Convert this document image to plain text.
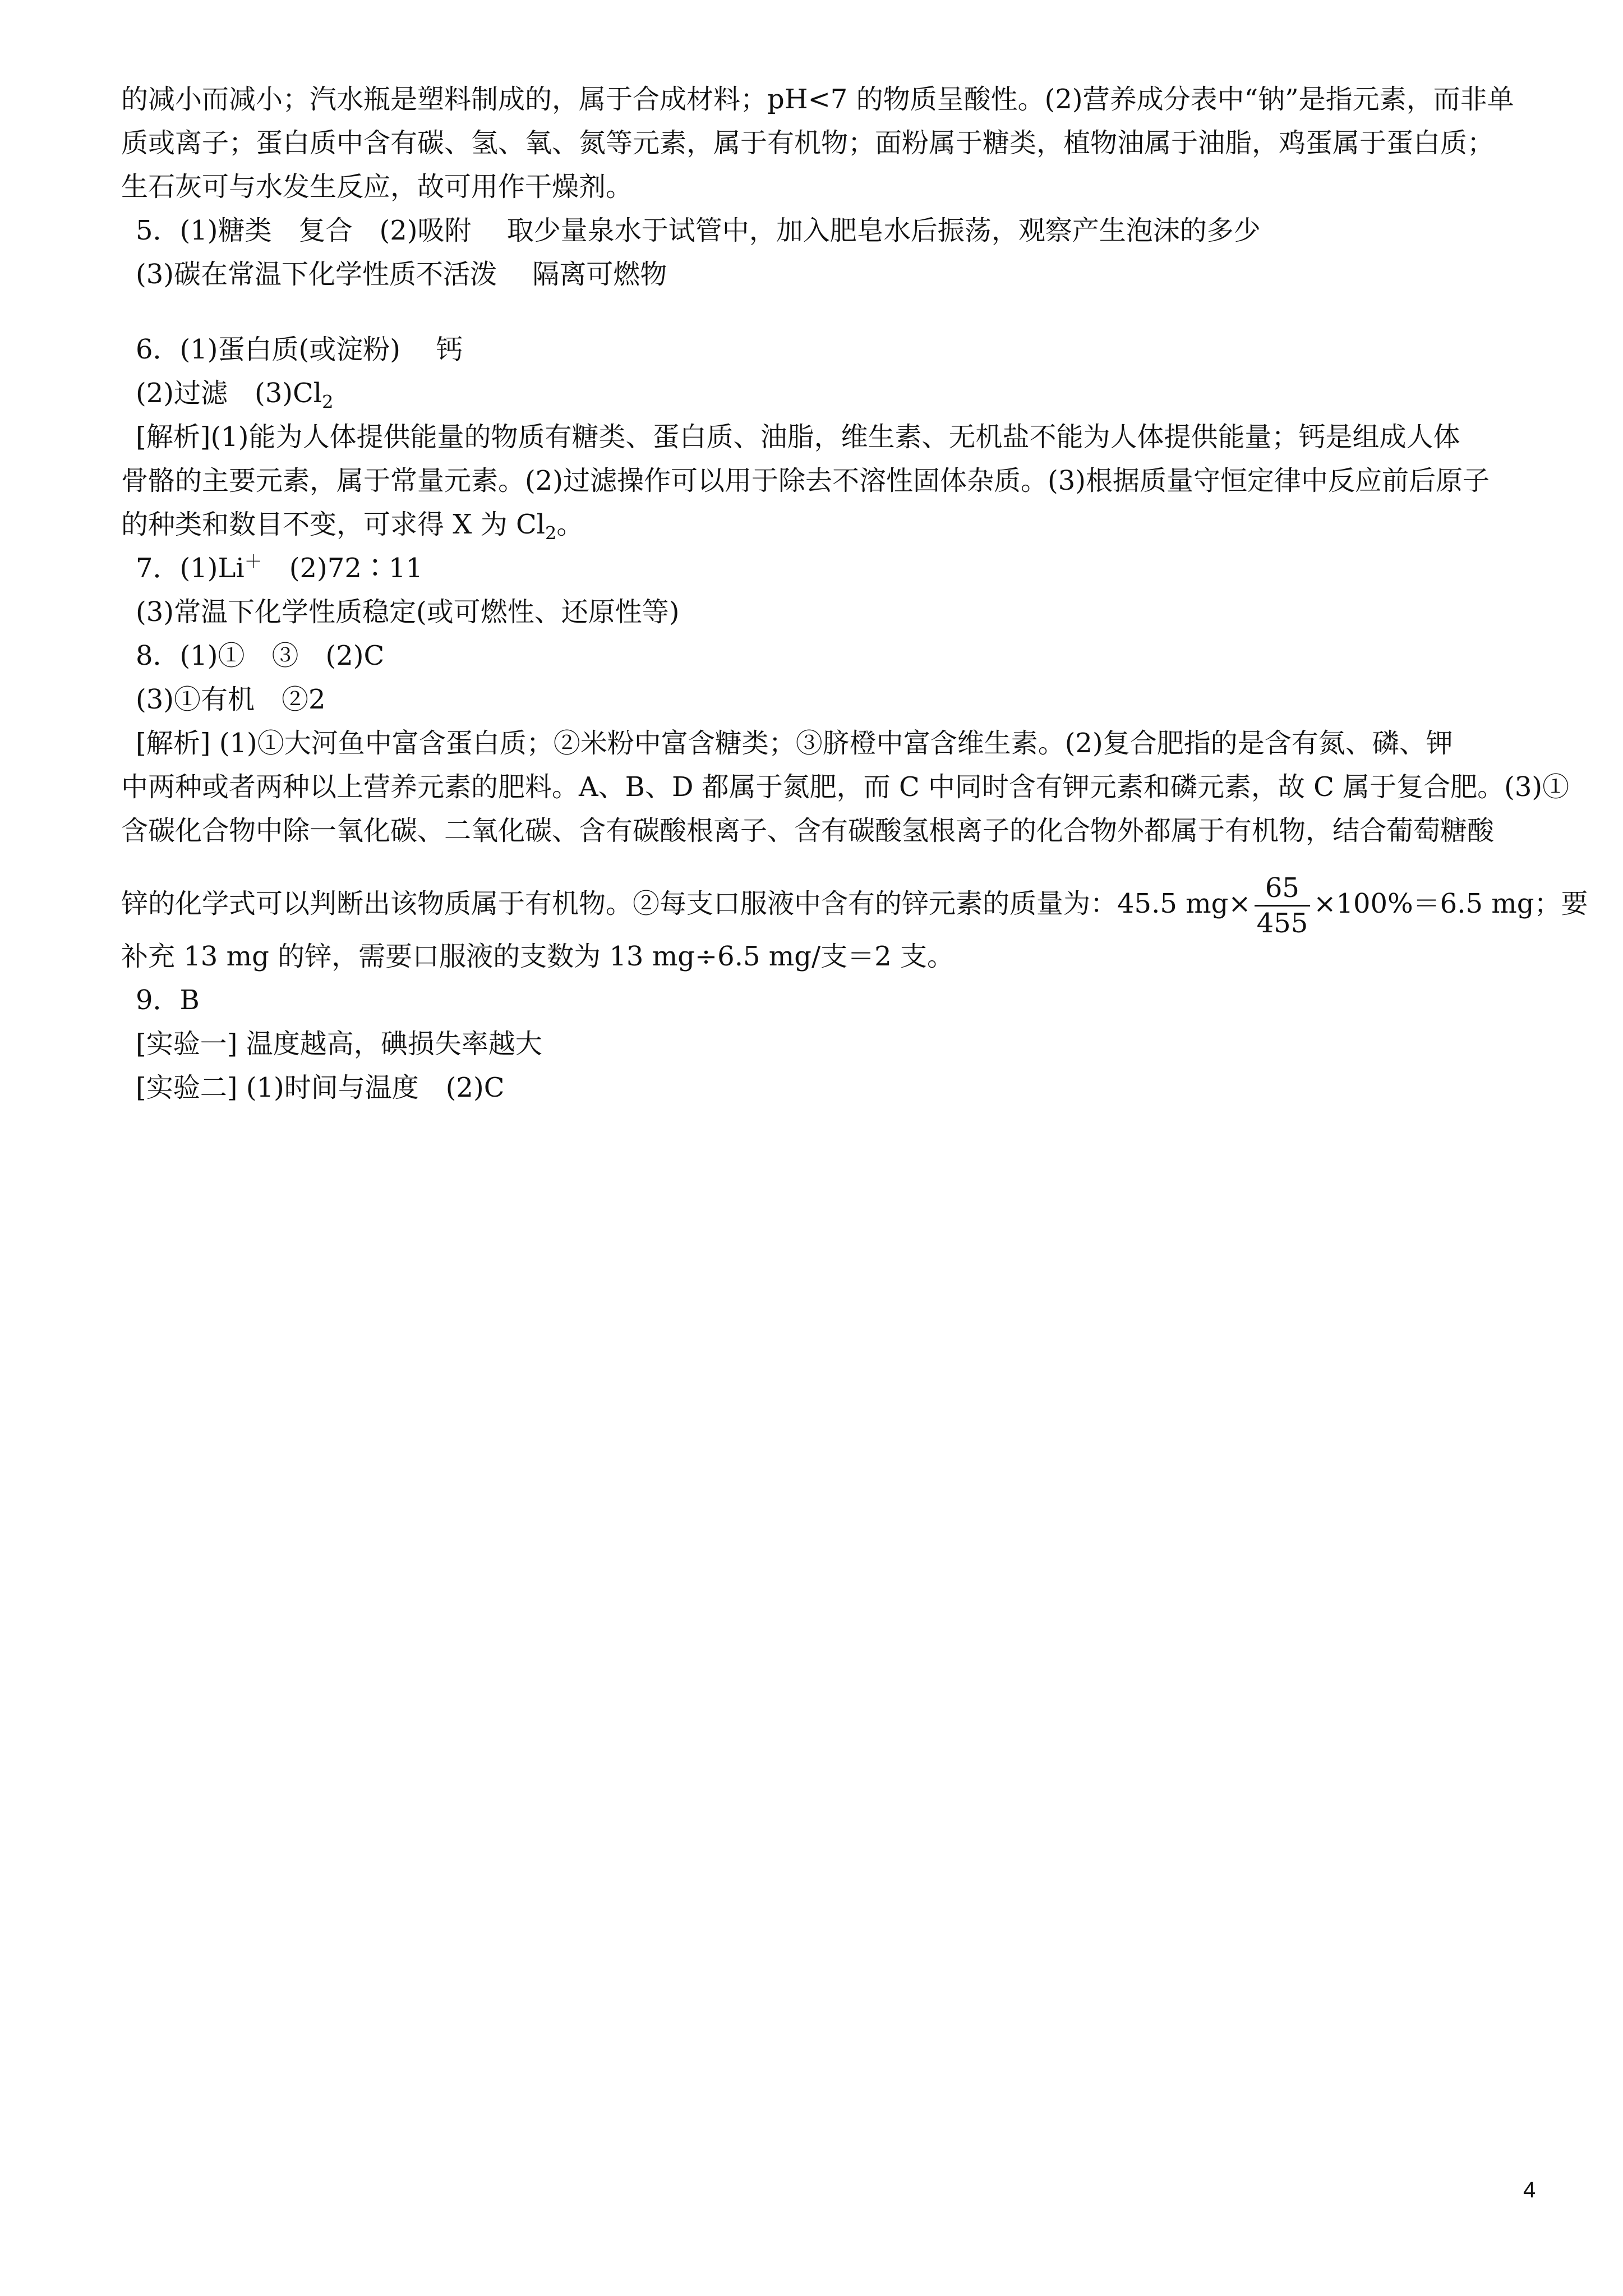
的减小而减小；汽水瓶是塑料制成的，属于合成材料；pH<7 的物质呈酸性。(2)营养成分表中“钠”是指元素，而非单
质或离子；蛋白质中含有碳、氢、氧、氮等元素，属于有机物；面粉属于糖类，植物油属于油脂，鸡蛋属于蛋白质；
生石灰可与水发生反应，故可用作干燥剂。
5．(1)糖类　复合　(2)吸附　 取少量泉水于试管中，加入肥皂水后振荡，观察产生泡沫的多少
(3)碳在常温下化学性质不活泼　 隔离可燃物
6．(1)蛋白质(或淀粉)　 钙
(2)过滤　$(3)Cl_2$
[解析](1)能为人体提供能量的物质有糖类、蛋白质、油脂，维生素、无机盐不能为人体提供能量；钙是组成人体
骨骼的主要元素，属于常量元素。(2)过滤操作可以用于除去不溶性固体杂质。(3)根据质量守恒定律中反应前后原子
的种类和数目不变，可求得 X 为 $Cl_2$。
7．(1)Li＋　(2)72∶11
(3)常温下化学性质稳定(或可燃性、还原性等)
8．(1)①　③　(2)C
(3)①有机　②2
[解析] (1)①大河鱼中富含蛋白质；②米粉中富含糖类；③脐橙中富含维生素。(2)复合肥指的是含有氮、磷、钾
中两种或者两种以上营养元素的肥料。A、B、D 都属于氮肥，而 C 中同时含有钾元素和磷元素，故 C 属于复合肥。(3)①
含碳化合物中除一氧化碳、二氧化碳、含有碳酸根离子、含有碳酸氢根离子的化合物外都属于有机物，结合葡萄糖酸
锌的化学式可以判断出该物质属于有机物。②每支口服液中含有的锌元素的质量为：45.5 $mg\times \frac{65}{455} \times 100\%=6.5$ mg；要
补充 13 mg 的锌，需要口服液的支数为 13 mg÷6.5 mg/支＝2 支。
9．B
[实验一] 温度越高，碘损失率越大
[实验二] (1)时间与温度　(2)C
4
